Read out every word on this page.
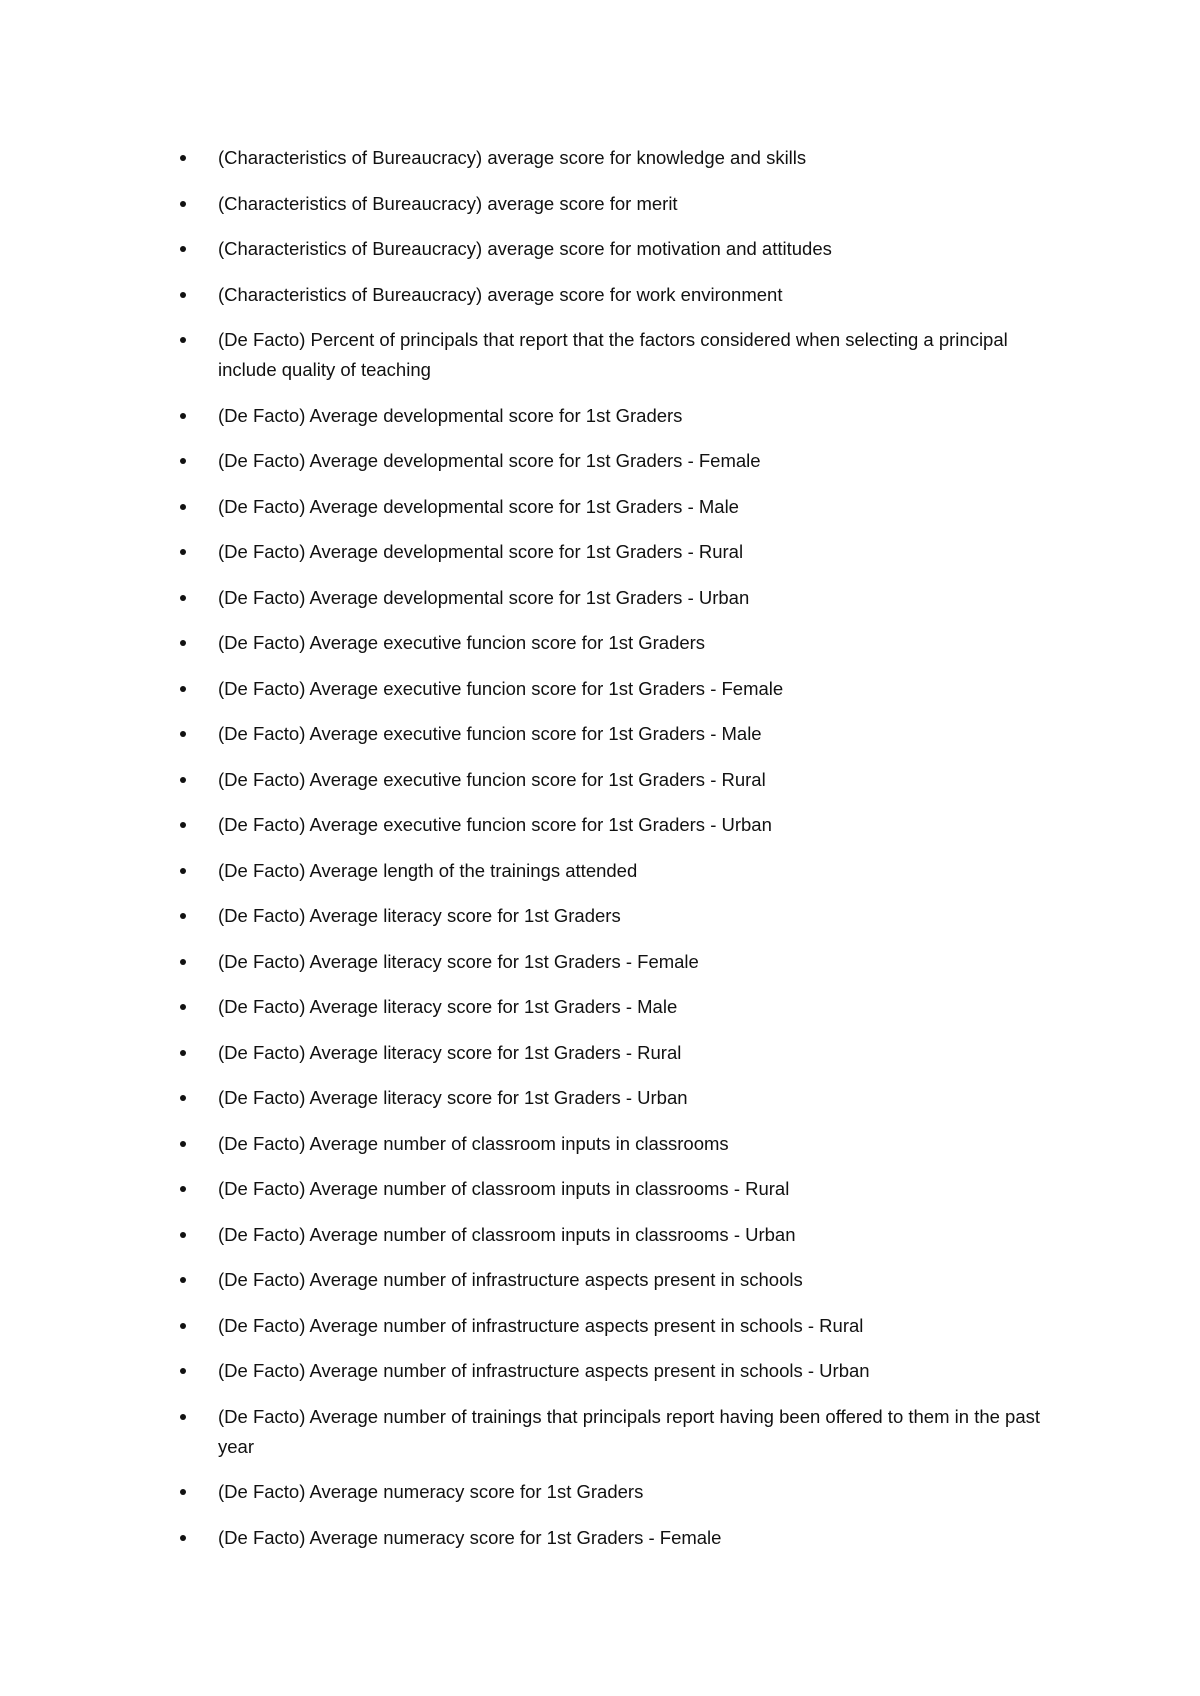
(Characteristics of Bureaucracy) average score for knowledge and skills
(Characteristics of Bureaucracy) average score for merit
(Characteristics of Bureaucracy) average score for motivation and attitudes
(Characteristics of Bureaucracy) average score for work environment
(De Facto) Percent of principals that report that the factors considered when selecting a principal include quality of teaching
(De Facto) Average developmental score for 1st Graders
(De Facto) Average developmental score for 1st Graders - Female
(De Facto) Average developmental score for 1st Graders - Male
(De Facto) Average developmental score for 1st Graders - Rural
(De Facto) Average developmental score for 1st Graders - Urban
(De Facto) Average executive funcion score for 1st Graders
(De Facto) Average executive funcion score for 1st Graders - Female
(De Facto) Average executive funcion score for 1st Graders - Male
(De Facto) Average executive funcion score for 1st Graders - Rural
(De Facto) Average executive funcion score for 1st Graders - Urban
(De Facto) Average length of the trainings attended
(De Facto) Average literacy score for 1st Graders
(De Facto) Average literacy score for 1st Graders - Female
(De Facto) Average literacy score for 1st Graders - Male
(De Facto) Average literacy score for 1st Graders - Rural
(De Facto) Average literacy score for 1st Graders - Urban
(De Facto) Average number of classroom inputs in classrooms
(De Facto) Average number of classroom inputs in classrooms - Rural
(De Facto) Average number of classroom inputs in classrooms - Urban
(De Facto) Average number of infrastructure aspects present in schools
(De Facto) Average number of infrastructure aspects present in schools - Rural
(De Facto) Average number of infrastructure aspects present in schools - Urban
(De Facto) Average number of trainings that principals report having been offered to them in the past year
(De Facto) Average numeracy score for 1st Graders
(De Facto) Average numeracy score for 1st Graders - Female
